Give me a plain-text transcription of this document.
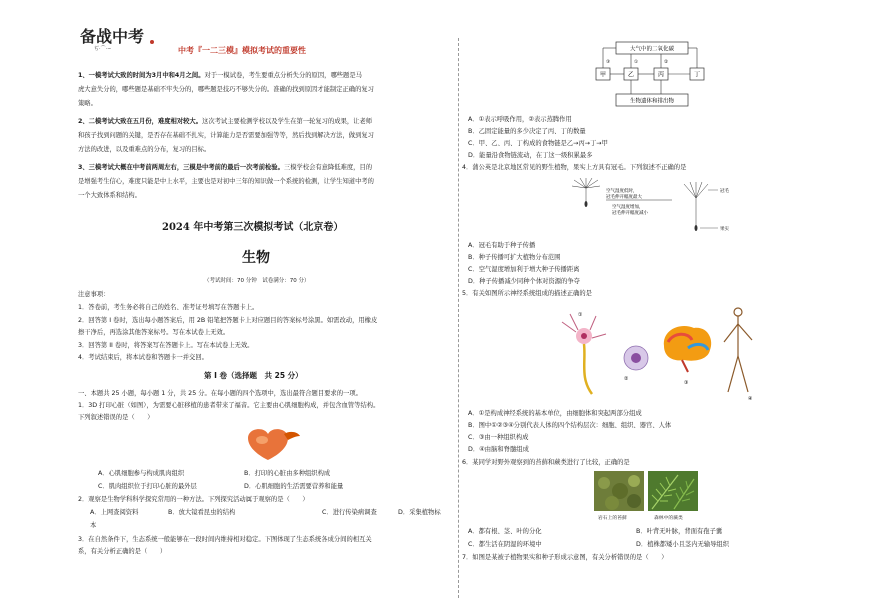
备战中考
ぢ·⌒·∽	中考『一二三模』模拟考试的重要性
1、一模考试大致的时间为3月中和4月之间。对于一模试卷，考生要重点分析失分的原因，哪些题是马
虎大意失分的，哪些题是基础不牢失分的，哪些题是技巧不够失分的。准确的找到原因才能制定正确的复习
策略。
2、二模考试大致在五月份，难度相对较大。这次考试主要检测学校以及学生在第一轮复习的成果，让老师
和孩子找到问题的关键，是否存在基础不扎实，计算能力是否需要加强等等，然后找到解决方法，做到复习
方法的改进，以及重难点的分布，复习的目标。
3、三模考试大概在中考前两周左右，三模是中考前的最后一次考前检验。三模学校会有意降低难度，目的
是增强考生信心，难度只能是中上水平，主要也是对初中三年的知识做一个系统的检测，让学生知道中考的
一个大致体系和结构。
2024 年中考第三次模拟考试（北京卷）
生物
（考试时间：70 分钟　试卷满分：70 分）
注意事项：
1．答卷前，考生务必将自己的姓名、准考证号填写在答题卡上。
2．回答第 I 卷时，选出每小题答案后，用 2B 铅笔把答题卡上对应题目的答案标号涂黑。如需改动，用橡皮
擦干净后，再选涂其他答案标号。写在本试卷上无效。
3．回答第 II 卷时，将答案写在答题卡上。写在本试卷上无效。
4．考试结束后，将本试卷和答题卡一并交回。
第 I 卷（选择题　共 25 分）
一、本题共 25 小题，每小题 1 分，共 25 分。在每小题的四个选项中，选出最符合题目要求的一项。
1．3D 打印心脏（如图），为需要心脏移植的患者带来了福音。它主要由心肌细胞构成，并包含血管等结构。
下列叙述错误的是（　　）
A．心肌细胞参与构成肌肉组织	B．打印的心脏由多种组织构成
C．肌肉组织位于打印心脏的最外层	D．心肌细胞的生活需要营养和能量
2．观察是生物学科科学探究常用的一种方法。下列探究活动属于观察的是（　　）
A．上网查阅资料	B．放大镜看昆虫的结构	C．进行传染病调查	D．采集植物标
本
3．在自然条件下，生态系统一般能够在一段时间内维持相对稳定。下图体现了生态系统各成分间的相互关
系，有关分析正确的是（　　）
大气中的二氧化碳
甲	乙	丙	丁
生物遗体和排出物
①	②
③
A．①表示呼吸作用，②表示蒸腾作用
B．乙固定能量的多少决定了丙、丁的数量
C．甲、乙、丙、丁构成的食物链是乙→丙→丁→甲
D．能量沿食物链流动，在丁这一级积累最多
4．蒲公英是北京地区常见的野生植物，果实上方具有冠毛。下列叙述不正确的是
空气湿度低时，
冠毛伸开幅度最大
空气湿度增加，
冠毛伸开幅度减小
冠毛
果实
A．冠毛有助于种子传播
B．种子传播可扩大植物分布范围
C．空气湿度增加利于增大种子传播距离
D．种子传播减少同种个体对资源的争夺
5．有关如图所示神经系统组成的描述正确的是
①
②
③
④
A．①是构成神经系统的基本单位，由细胞体和突起两部分组成
B．图中①②③④分别代表人体的四个结构层次：细胞、组织、器官、人体
C．③由一种组织构成
D．④由脑和脊髓组成
6．某同学对野外观察到的苔藓和蕨类进行了比较，正确的是
岩石上的苔藓	森林中的蕨类
A．都有根、茎、叶的分化	B．叶背无叶脉，背面有孢子囊
C．都生活在阴湿的环境中	D．植株都矮小且茎内无输导组织
7．如图是某被子植物果实和种子形成示意图，有关分析错误的是（　　）
